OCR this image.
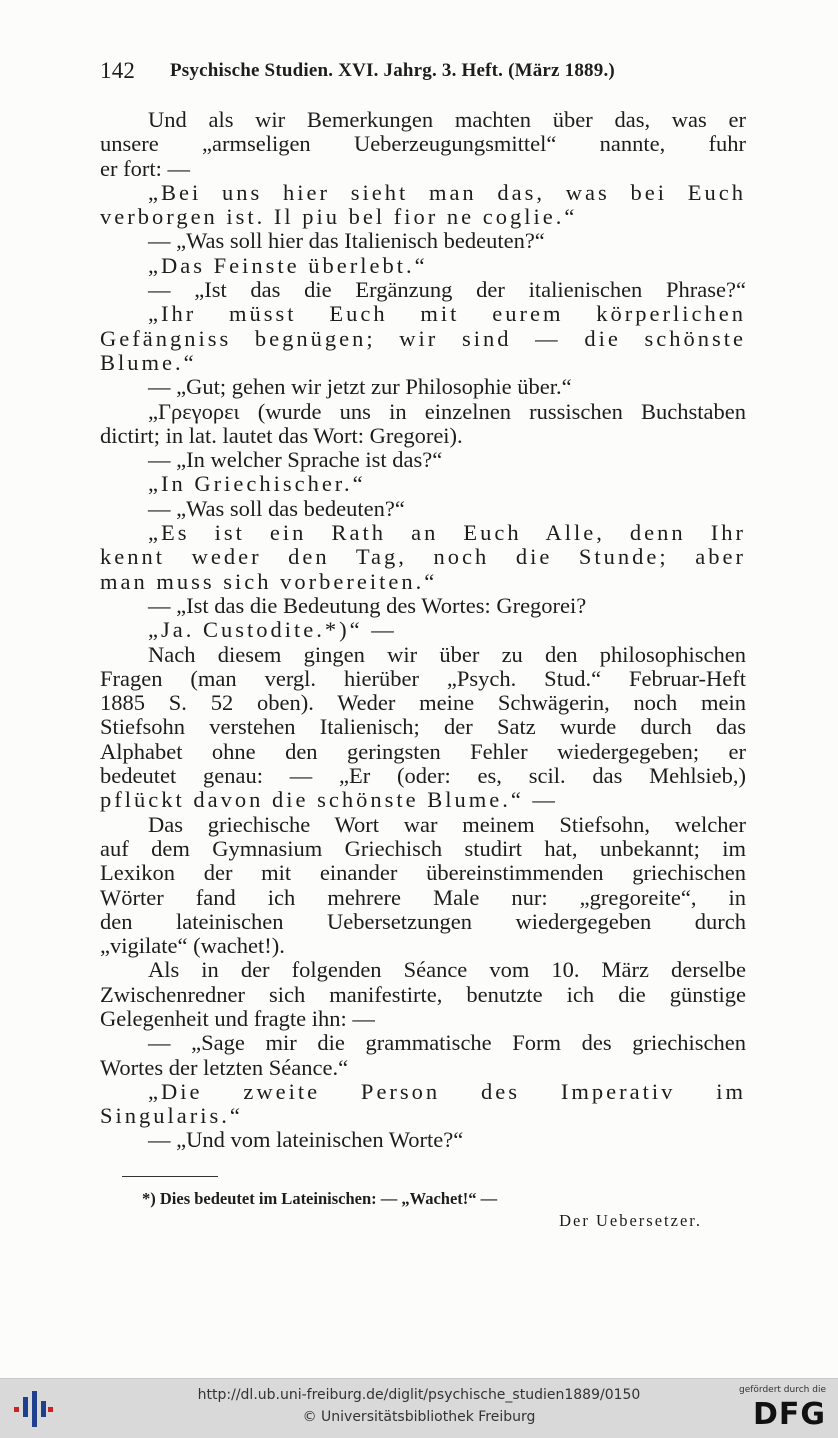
142 Psychische Studien. XVI. Jahrg. 3. Heft. (März 1889.)
Und als wir Bemerkungen machten über das, was er
unsere „armseligen Ueberzeugungsmittel“ nannte, fuhr
er fort: —
„Bei uns hier sieht man das, was bei Euch
verborgen ist. Il piu bel fior ne coglie.“
— „Was soll hier das Italienisch bedeuten?“
„Das Feinste überlebt.“
— „Ist das die Ergänzung der italienischen Phrase?“
„Ihr müsst Euch mit eurem körperlichen
Gefängniss begnügen; wir sind — die schönste
Blume.“
— „Gut; gehen wir jetzt zur Philosophie über.“
„Γρεγορει (wurde uns in einzelnen russischen Buchstaben
dictirt; in lat. lautet das Wort: Gregorei).
— „In welcher Sprache ist das?“
„In Griechischer.“
— „Was soll das bedeuten?“
„Es ist ein Rath an Euch Alle, denn Ihr
kennt weder den Tag, noch die Stunde; aber
man muss sich vorbereiten.“
— „Ist das die Bedeutung des Wortes: Gregorei?
„Ja. Custodite.*)“ —
Nach diesem gingen wir über zu den philosophischen
Fragen (man vergl. hierüber „Psych. Stud.“ Februar-Heft
1885 S. 52 oben). Weder meine Schwägerin, noch mein
Stiefsohn verstehen Italienisch; der Satz wurde durch das
Alphabet ohne den geringsten Fehler wiedergegeben; er
bedeutet genau: — „Er (oder: es, scil. das Mehlsieb,)
pflückt davon die schönste Blume.“ —
Das griechische Wort war meinem Stiefsohn, welcher
auf dem Gymnasium Griechisch studirt hat, unbekannt; im
Lexikon der mit einander übereinstimmenden griechischen
Wörter fand ich mehrere Male nur: „gregoreite“, in
den lateinischen Uebersetzungen wiedergegeben durch
„vigilate“ (wachet!).
Als in der folgenden Séance vom 10. März derselbe
Zwischenredner sich manifestirte, benutzte ich die günstige
Gelegenheit und fragte ihn: —
— „Sage mir die grammatische Form des griechischen
Wortes der letzten Séance.“
„Die zweite Person des Imperativ im
Singularis.“
— „Und vom lateinischen Worte?“
*) Dies bedeutet im Lateinischen: — „Wachet!“ —
Der Uebersetzer.
http://dl.ub.uni-freiburg.de/diglit/psychische_studien1889/0150
© Universitätsbibliothek Freiburg
gefördert durch die
DFG
